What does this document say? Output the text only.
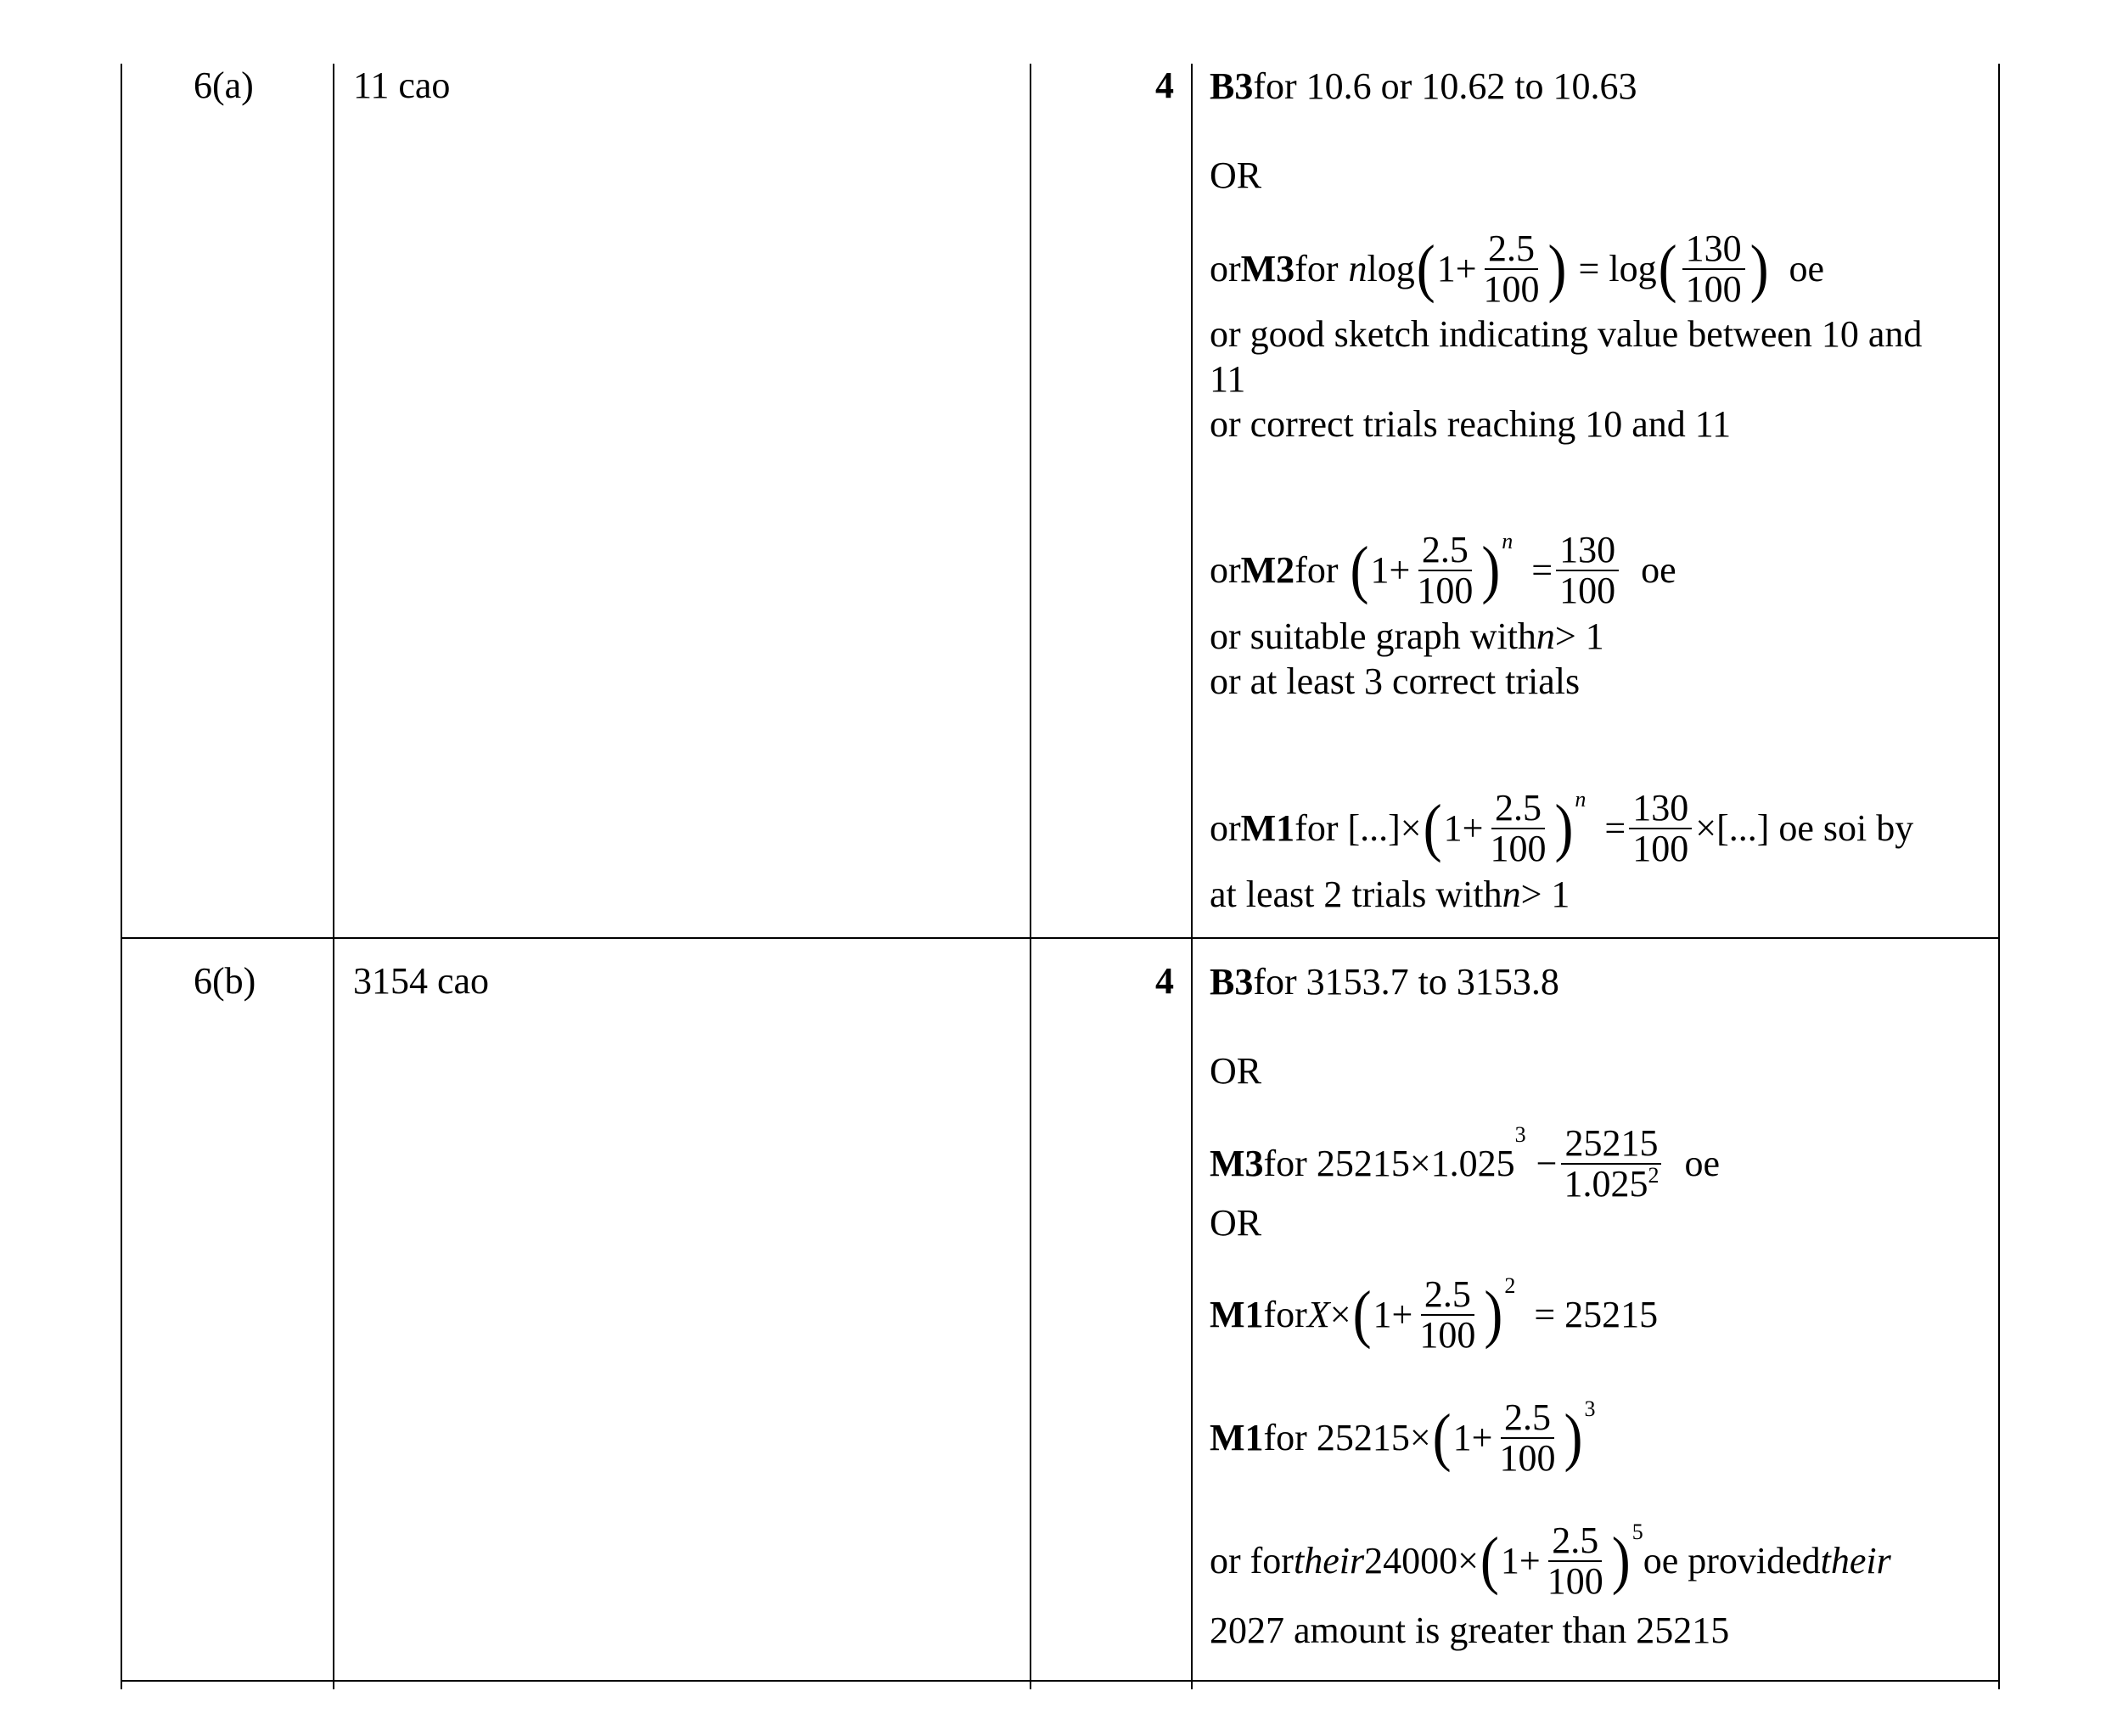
6(a)	11 cao	4 B3 for 10.6 or 10.62 to 10.63
OR
or M3 for n log ( $1+ \frac{2.5}{100}$ ) = log ( $\frac{130}{100}$ ) oe
or good sketch indicating value between 10 and
11
or correct trials reaching 10 and 11
or M2 for ( $1+ \frac{2.5}{100}$ ) n
= $\frac{130}{100}$ oe
or suitable graph with n > 1
or at least 3 correct trials
or M1 for [...]× ( $1+ \frac{2.5}{100}$ ) n
= $\frac{130}{100}$ ×[...] oe soi by
at least 2 trials with n > 1
6(b)	3154 cao	4 B3 for 3153.7 to 3153.8
OR
M3 for 25215×1.025
3
− $\frac{25215}{1.025^2}$ oe
OR
M1 for X × ( $1+ \frac{2.5}{100}$ ) 2
= 25215
M1 for 25215× ( $1+ \frac{2.5}{100}$ ) 3
or for their 24000× ( $1+ \frac{2.5}{100}$ ) 5
oe provided their
2027 amount is greater than 25215
